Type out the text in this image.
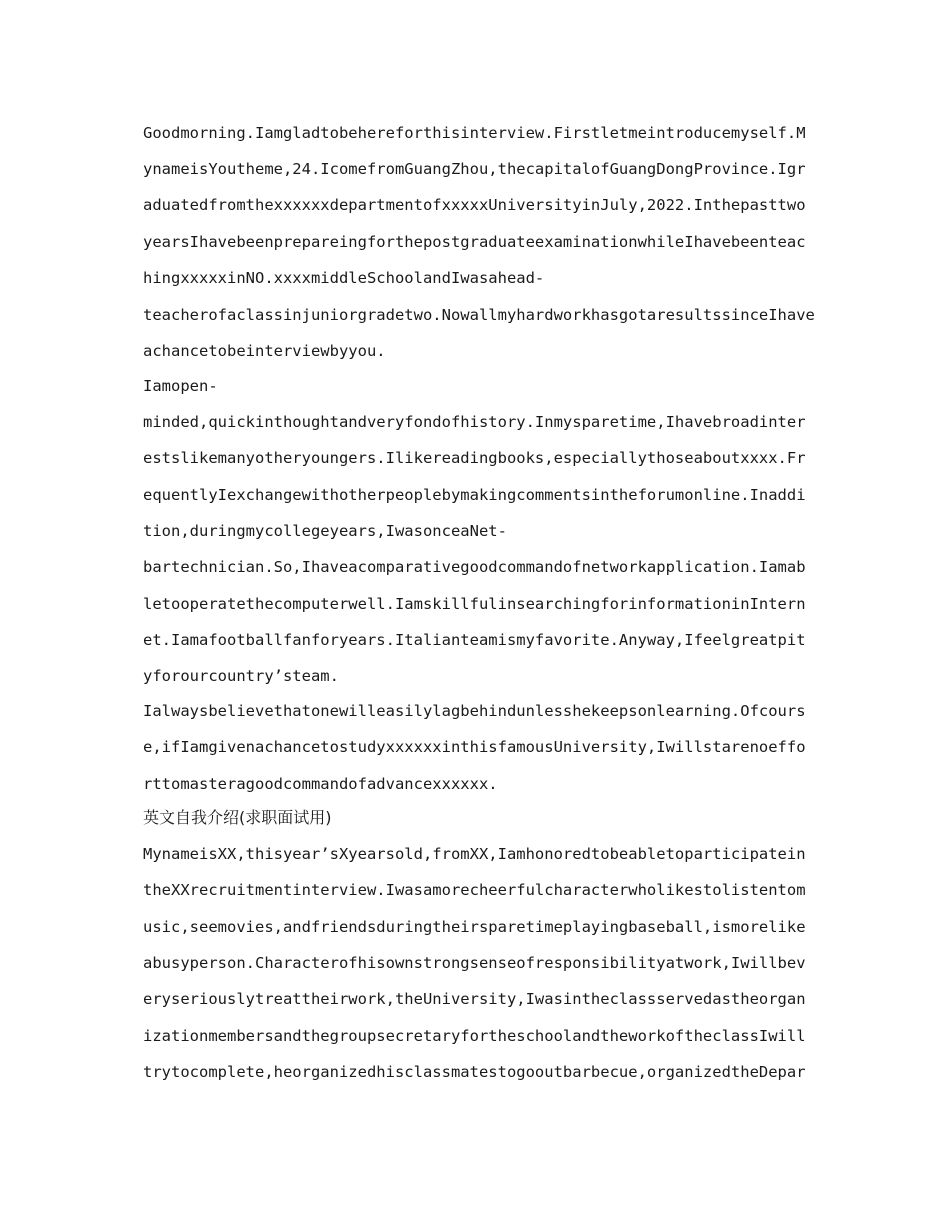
Goodmorning.Iamgladtobehereforthisinterview.Firstletmeintroducemyself.M
ynameisYoutheme,24.IcomefromGuangZhou,thecapitalofGuangDongProvince.Igr
aduatedfromthexxxxxxdepartmentofxxxxxUniversityinJuly,2022.Inthepasttwo
yearsIhavebeenprepareingforthepostgraduateexaminationwhileIhavebeenteac
hingxxxxxinNO.xxxxmiddleSchoolandIwasahead-
teacherofaclassinjuniorgradetwo.NowallmyhardworkhasgotaresultssinceIhave
achancetobeinterviewbyyou.
Iamopen-
minded,quickinthoughtandveryfondofhistory.Inmysparetime,Ihavebroadinter
estslikemanyotheryoungers.Ilikereadingbooks,especiallythoseaboutxxxx.Fr
equentlyIexchangewithotherpeoplebymakingcommentsintheforumonline.Inaddi
tion,duringmycollegeyears,IwasonceaNet-
bartechnician.So,Ihaveacomparativegoodcommandofnetworkapplication.Iamab
letooperatethecomputerwell.IamskillfulinsearchingforinformationinIntern
et.Iamafootballfanforyears.Italianteamismyfavorite.Anyway,Ifeelgreatpit
yforourcountry’steam.
Ialwaysbelievethatonewilleasilylagbehindunlesshekeepsonlearning.Ofcours
e,ifIamgivenachancetostudyxxxxxxinthisfamousUniversity,Iwillstarenoeffo
rttomasteragoodcommandofadvancexxxxxx.
英文自我介绍(求职面试用)
MynameisXX,thisyear’sXyearsold,fromXX,Iamhonoredtobeabletoparticipatein
theXXrecruitmentinterview.Iwasamorecheerfulcharacterwholikestolistentom
usic,seemovies,andfriendsduringtheirsparetimeplayingbaseball,ismorelike
abusyperson.Characterofhisownstrongsenseofresponsibilityatwork,Iwillbev
eryseriouslytreattheirwork,theUniversity,Iwasintheclassservedastheorgan
izationmembersandthegroupsecretaryfortheschoolandtheworkoftheclassIwill
trytocomplete,heorganizedhisclassmatestogooutbarbecue,organizedtheDepar
